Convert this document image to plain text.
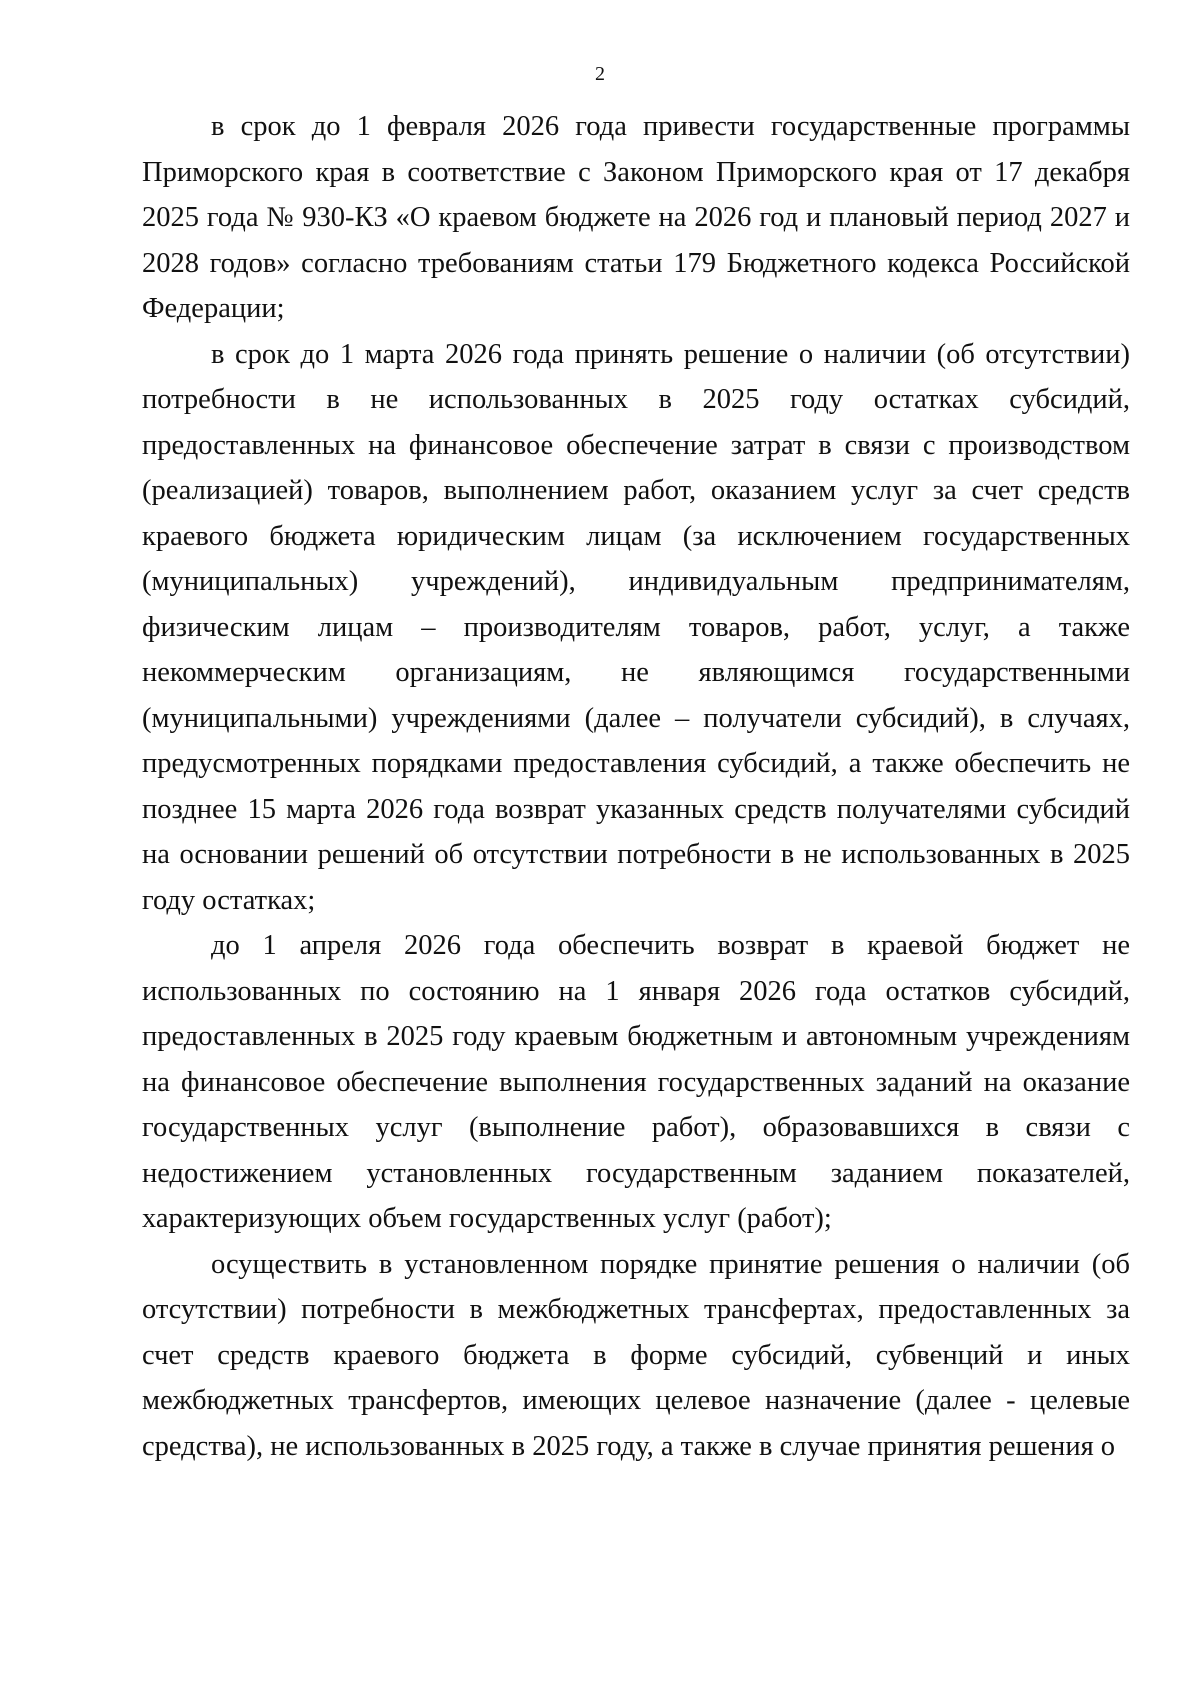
2

в срок до 1 февраля 2026 года привести государственные программы Приморского края в соответствие с Законом Приморского края от 17 декабря 2025 года № 930-КЗ «О краевом бюджете на 2026 год и плановый период 2027 и 2028 годов» согласно требованиям статьи 179 Бюджетного кодекса Российской Федерации;

в срок до 1 марта 2026 года принять решение о наличии (об отсутствии) потребности в не использованных в 2025 году остатках субсидий, предоставленных на финансовое обеспечение затрат в связи с производством (реализацией) товаров, выполнением работ, оказанием услуг за счет средств краевого бюджета юридическим лицам (за исключением государственных (муниципальных) учреждений), индивидуальным предпринимателям, физическим лицам – производителям товаров, работ, услуг, а также некоммерческим организациям, не являющимся государственными (муниципальными) учреждениями (далее – получатели субсидий), в случаях, предусмотренных порядками предоставления субсидий, а также обеспечить не позднее 15 марта 2026 года возврат указанных средств получателями субсидий на основании решений об отсутствии потребности в не использованных в 2025 году остатках;

до 1 апреля 2026 года обеспечить возврат в краевой бюджет не использованных по состоянию на 1 января 2026 года остатков субсидий, предоставленных в 2025 году краевым бюджетным и автономным учреждениям на финансовое обеспечение выполнения государственных заданий на оказание государственных услуг (выполнение работ), образовавшихся в связи с недостижением установленных государственным заданием показателей, характеризующих объем государственных услуг (работ);

осуществить в установленном порядке принятие решения о наличии (об отсутствии) потребности в межбюджетных трансфертах, предоставленных за счет средств краевого бюджета в форме субсидий, субвенций и иных межбюджетных трансфертов, имеющих целевое назначение (далее - целевые средства), не использованных в 2025 году, а также в случае принятия решения о
